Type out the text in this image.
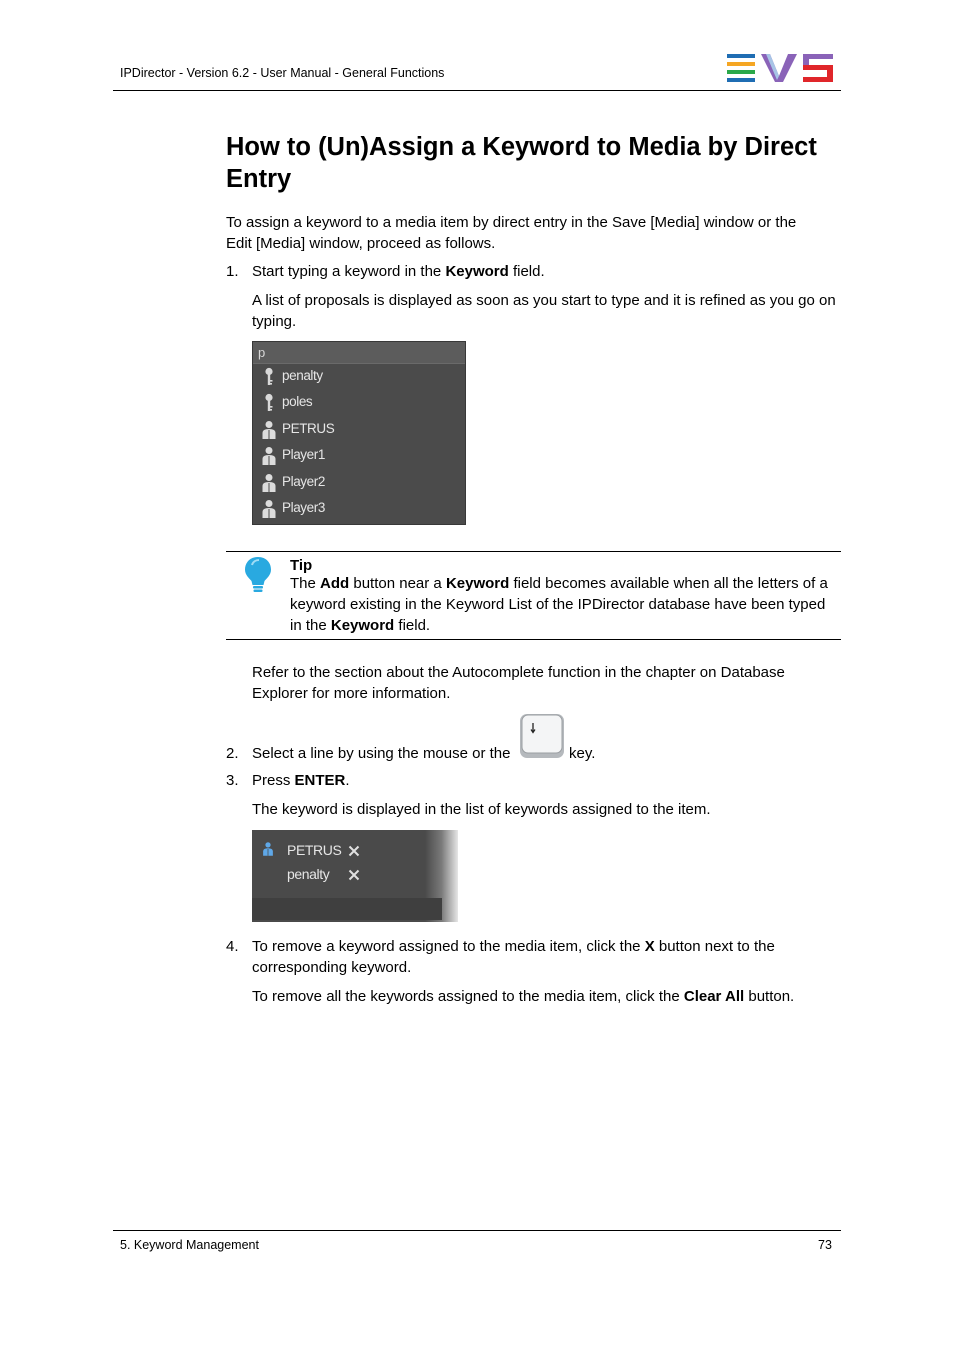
IPDirector - Version 6.2 - User Manual - General Functions
How to (Un)Assign a Keyword to Media by Direct Entry
To assign a keyword to a media item by direct entry in the Save [Media] window or the Edit [Media] window, proceed as follows.
1. Start typing a keyword in the Keyword field.
A list of proposals is displayed as soon as you start to type and it is refined as you go on typing.
p
penalty
poles
PETRUS
Player1
Player2
Player3
Tip
The Add button near a Keyword field becomes available when all the letters of a keyword existing in the Keyword List of the IPDirector database have been typed in the Keyword field.
Refer to the section about the Autocomplete function in the chapter on Database Explorer for more information.
2. Select a line by using the mouse or the	key.
3. Press ENTER.
The keyword is displayed in the list of keywords assigned to the item.
PETRUS
penalty
4. To remove a keyword assigned to the media item, click the X button next to the corresponding keyword.
To remove all the keywords assigned to the media item, click the Clear All button.
5. Keyword Management	73
